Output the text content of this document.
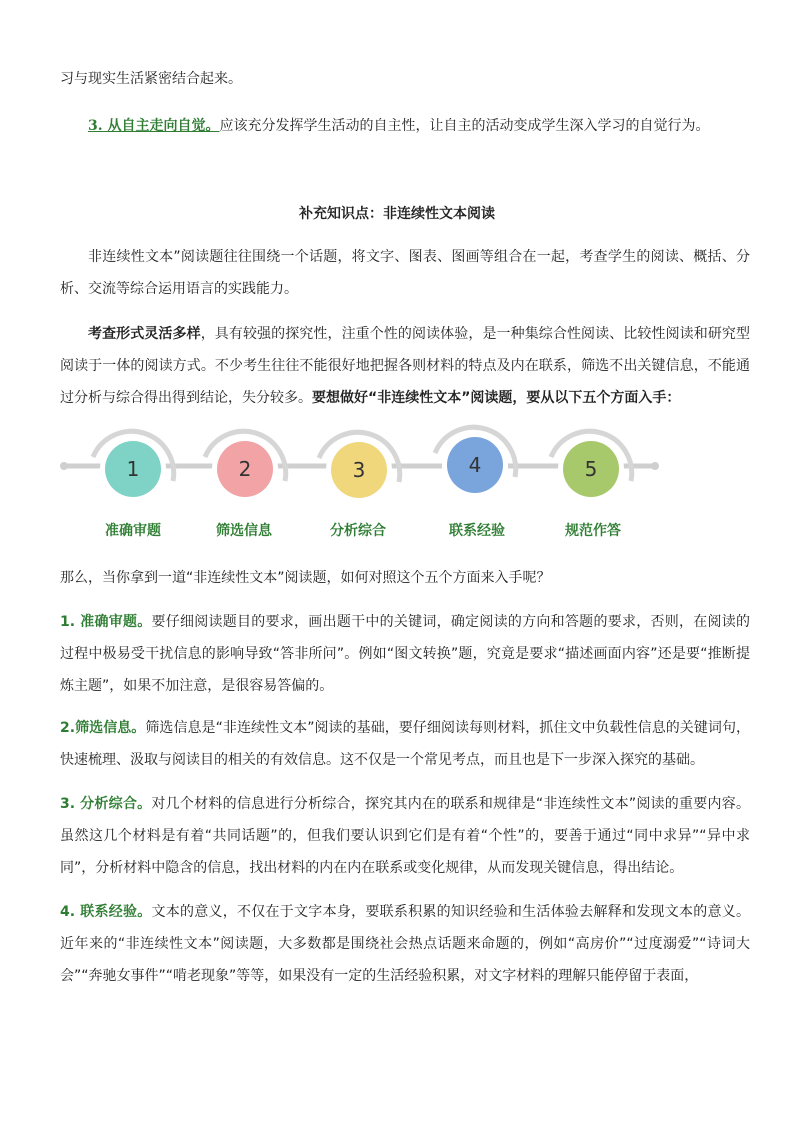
习与现实生活紧密结合起来。
3. 从自主走向自觉。应该充分发挥学生活动的自主性，让自主的活动变成学生深入学习的自觉行为。
补充知识点：非连续性文本阅读
非连续性文本”阅读题往往围绕一个话题，将文字、图表、图画等组合在一起，考查学生的阅读、概括、分析、交流等综合运用语言的实践能力。
考查形式灵活多样，具有较强的探究性，注重个性的阅读体验，是一种集综合性阅读、比较性阅读和研究型阅读于一体的阅读方式。不少考生往往不能很好地把握各则材料的特点及内在联系，筛选不出关键信息，不能通过分析与综合得出得到结论，失分较多。要想做好“非连续性文本”阅读题，要从以下五个方面入手：
1	2	3	4	5
准确审题	筛选信息	分析综合	联系经验	规范作答
那么，当你拿到一道“非连续性文本”阅读题，如何对照这个五个方面来入手呢？
1. 准确审题。要仔细阅读题目的要求，画出题干中的关键词，确定阅读的方向和答题的要求，否则，在阅读的过程中极易受干扰信息的影响导致“答非所问”。例如“图文转换”题，究竟是要求“描述画面内容”还是要“推断提炼主题”，如果不加注意，是很容易答偏的。
2.筛选信息。筛选信息是“非连续性文本”阅读的基础，要仔细阅读每则材料，抓住文中负载性信息的关键词句，快速梳理、汲取与阅读目的相关的有效信息。这不仅是一个常见考点，而且也是下一步深入探究的基础。
3. 分析综合。对几个材料的信息进行分析综合，探究其内在的联系和规律是“非连续性文本”阅读的重要内容。虽然这几个材料是有着“共同话题”的，但我们要认识到它们是有着“个性”的，要善于通过“同中求异”“异中求同”，分析材料中隐含的信息，找出材料的内在内在联系或变化规律，从而发现关键信息，得出结论。
4. 联系经验。文本的意义，不仅在于文字本身，要联系积累的知识经验和生活体验去解释和发现文本的意义。近年来的“非连续性文本”阅读题，大多数都是围绕社会热点话题来命题的，例如“高房价”“过度溺爱”“诗词大会”“奔驰女事件”“啃老现象”等等，如果没有一定的生活经验积累，对文字材料的理解只能停留于表面，
